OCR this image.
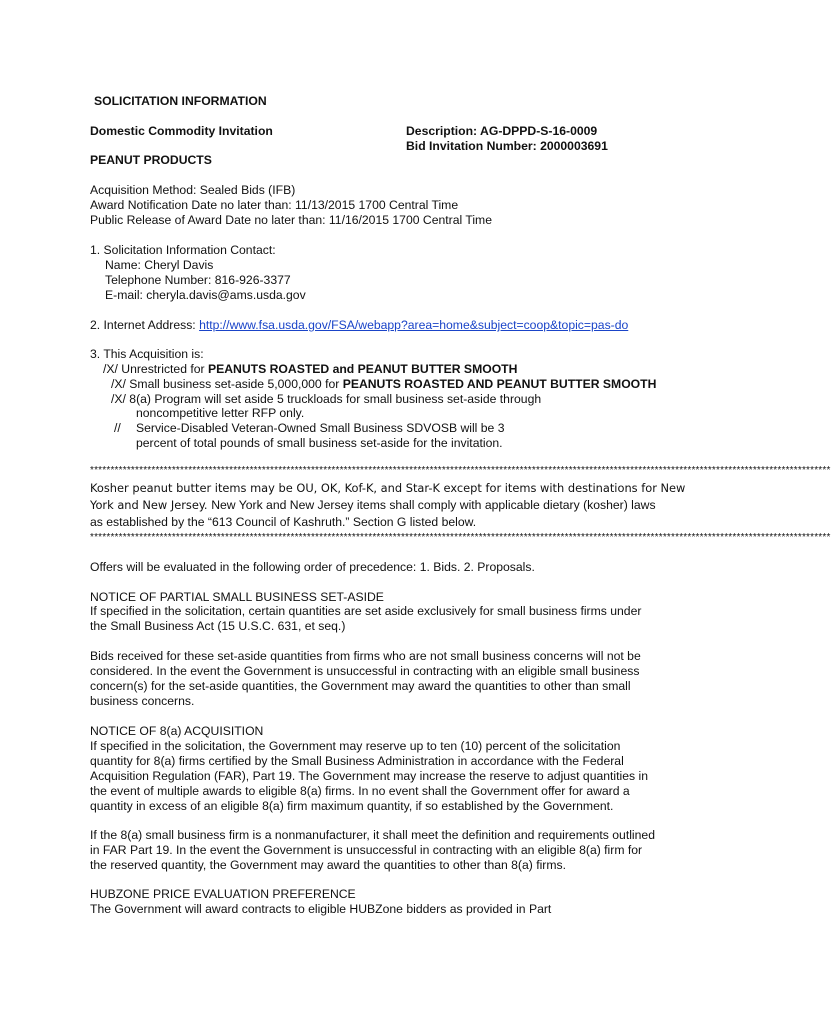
SOLICITATION INFORMATION
Domestic Commodity Invitation	Description: AG-DPPD-S-16-0009
Bid Invitation Number: 2000003691
PEANUT PRODUCTS
Acquisition Method: Sealed Bids (IFB)
Award Notification Date no later than: 11/13/2015 1700 Central Time
Public Release of Award Date no later than: 11/16/2015 1700 Central Time
1. Solicitation Information Contact:
Name: Cheryl Davis
Telephone Number: 816-926-3377
E-mail: cheryla.davis@ams.usda.gov
2. Internet Address: http://www.fsa.usda.gov/FSA/webapp?area=home&subject=coop&topic=pas-do
3. This Acquisition is:
/X/ Unrestricted for PEANUTS ROASTED and PEANUT BUTTER SMOOTH
/X/ Small business set-aside 5,000,000 for PEANUTS ROASTED AND PEANUT BUTTER SMOOTH
/X/ 8(a) Program will set aside 5 truckloads for small business set-aside through
noncompetitive letter RFP only.
// Service-Disabled Veteran-Owned Small Business SDVOSB will be 3
percent of total pounds of small business set-aside for the invitation.
*************************************************************************************************************************************************************************************
Kosher peanut butter items may be OU, OK, Kof-K, and Star-K except for items with destinations for New
York and New Jersey. New York and New Jersey items shall comply with applicable dietary (kosher) laws
as established by the “613 Council of Kashruth.” Section G listed below.
*************************************************************************************************************************************************************************************
Offers will be evaluated in the following order of precedence: 1. Bids. 2. Proposals.
NOTICE OF PARTIAL SMALL BUSINESS SET-ASIDE
If specified in the solicitation, certain quantities are set aside exclusively for small business firms under
the Small Business Act (15 U.S.C. 631, et seq.)
Bids received for these set-aside quantities from firms who are not small business concerns will not be
considered. In the event the Government is unsuccessful in contracting with an eligible small business
concern(s) for the set-aside quantities, the Government may award the quantities to other than small
business concerns.
NOTICE OF 8(a) ACQUISITION
If specified in the solicitation, the Government may reserve up to ten (10) percent of the solicitation
quantity for 8(a) firms certified by the Small Business Administration in accordance with the Federal
Acquisition Regulation (FAR), Part 19. The Government may increase the reserve to adjust quantities in
the event of multiple awards to eligible 8(a) firms. In no event shall the Government offer for award a
quantity in excess of an eligible 8(a) firm maximum quantity, if so established by the Government.
If the 8(a) small business firm is a nonmanufacturer, it shall meet the definition and requirements outlined
in FAR Part 19. In the event the Government is unsuccessful in contracting with an eligible 8(a) firm for
the reserved quantity, the Government may award the quantities to other than 8(a) firms.
HUBZONE PRICE EVALUATION PREFERENCE
The Government will award contracts to eligible HUBZone bidders as provided in Part
